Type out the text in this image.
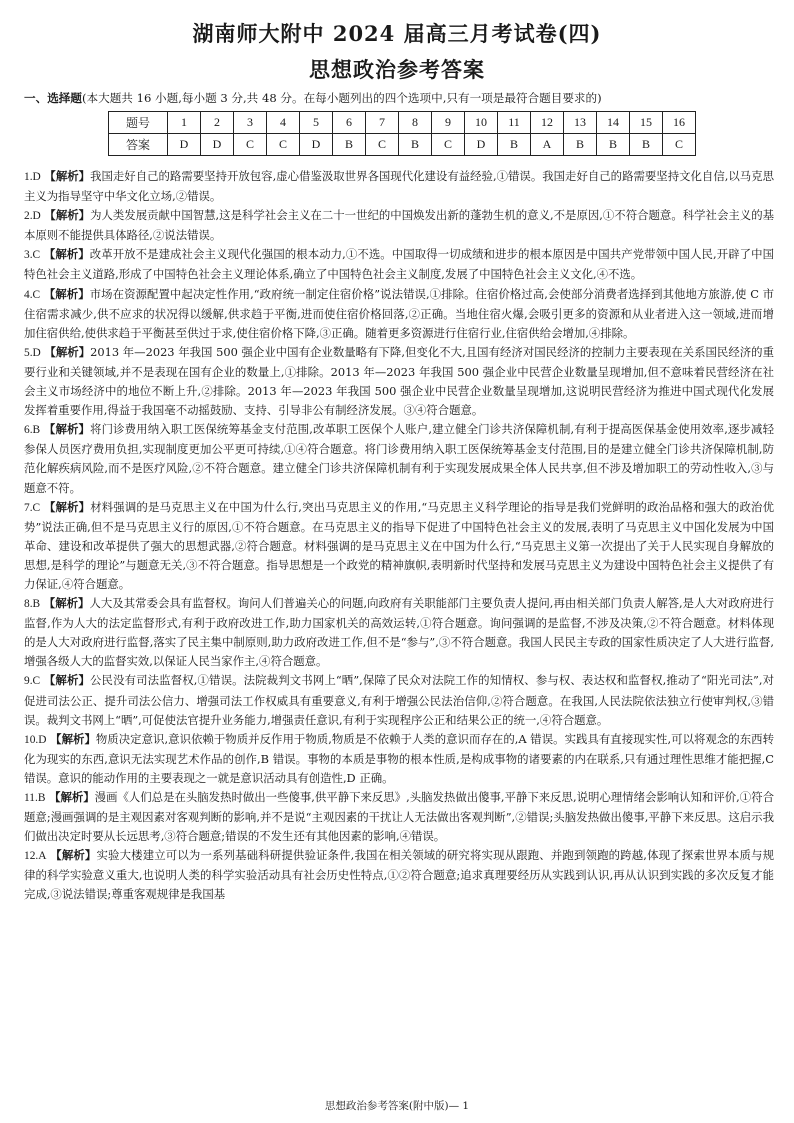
湖南师大附中 2024 届高三月考试卷(四)
思想政治参考答案
一、选择题(本大题共 16 小题,每小题 3 分,共 48 分。在每小题列出的四个选项中,只有一项是最符合题目要求的)
题号	1	2	3	4	5	6	7	8	9	10	11	12	13	14	15	16
答案	D	D	C	C	D	B	C	B	C	D	B	A	B	B	B	C
1.D 【解析】我国走好自己的路需要坚持开放包容,虚心借鉴汲取世界各国现代化建设有益经验,①错误。我国走好自己的路需要坚持文化自信,以马克思主义为指导坚守中华文化立场,②错误。
2.D 【解析】为人类发展贡献中国智慧,这是科学社会主义在二十一世纪的中国焕发出新的蓬勃生机的意义,不是原因,①不符合题意。科学社会主义的基本原则不能提供具体路径,②说法错误。
3.C 【解析】改革开放不是建成社会主义现代化强国的根本动力,①不选。中国取得一切成绩和进步的根本原因是中国共产党带领中国人民,开辟了中国特色社会主义道路,形成了中国特色社会主义理论体系,确立了中国特色社会主义制度,发展了中国特色社会主义文化,④不选。
4.C 【解析】市场在资源配置中起决定性作用,“政府统一制定住宿价格”说法错误,①排除。住宿价格过高,会使部分消费者选择到其他地方旅游,使 C 市住宿需求减少,供不应求的状况得以缓解,供求趋于平衡,进而使住宿价格回落,②正确。当地住宿火爆,会吸引更多的资源和从业者进入这一领域,进而增加住宿供给,使供求趋于平衡甚至供过于求,使住宿价格下降,③正确。随着更多资源进行住宿行业,住宿供给会增加,④排除。
5.D 【解析】2013 年—2023 年我国 500 强企业中国有企业数量略有下降,但变化不大,且国有经济对国民经济的控制力主要表现在关系国民经济的重要行业和关键领域,并不是表现在国有企业的数量上,①排除。2013 年—2023 年我国 500 强企业中民营企业数量呈现增加,但不意味着民营经济在社会主义市场经济中的地位不断上升,②排除。2013 年—2023 年我国 500 强企业中民营企业数量呈现增加,这说明民营经济为推进中国式现代化发展发挥着重要作用,得益于我国毫不动摇鼓励、支持、引导非公有制经济发展。③④符合题意。
6.B 【解析】将门诊费用纳入职工医保统筹基金支付范围,改革职工医保个人账户,建立健全门诊共济保障机制,有利于提高医保基金使用效率,逐步减轻参保人员医疗费用负担,实现制度更加公平更可持续,①④符合题意。将门诊费用纳入职工医保统筹基金支付范围,目的是建立健全门诊共济保障机制,防范化解疾病风险,而不是医疗风险,②不符合题意。建立健全门诊共济保障机制有利于实现发展成果全体人民共享,但不涉及增加职工的劳动性收入,③与题意不符。
7.C 【解析】材料强调的是马克思主义在中国为什么行,突出马克思主义的作用,“马克思主义科学理论的指导是我们党鲜明的政治品格和强大的政治优势”说法正确,但不是马克思主义行的原因,①不符合题意。在马克思主义的指导下促进了中国特色社会主义的发展,表明了马克思主义中国化发展为中国革命、建设和改革提供了强大的思想武器,②符合题意。材料强调的是马克思主义在中国为什么行,“马克思主义第一次提出了关于人民实现自身解放的思想,是科学的理论”与题意无关,③不符合题意。指导思想是一个政党的精神旗帜,表明新时代坚持和发展马克思主义为建设中国特色社会主义提供了有力保证,④符合题意。
8.B 【解析】人大及其常委会具有监督权。询问人们普遍关心的问题,向政府有关职能部门主要负责人提问,再由相关部门负责人解答,是人大对政府进行监督,作为人大的法定监督形式,有利于政府改进工作,助力国家机关的高效运转,①符合题意。询问强调的是监督,不涉及决策,②不符合题意。材料体现的是人大对政府进行监督,落实了民主集中制原则,助力政府改进工作,但不是“参与”,③不符合题意。我国人民民主专政的国家性质决定了人大进行监督,增强各级人大的监督实效,以保证人民当家作主,④符合题意。
9.C 【解析】公民没有司法监督权,①错误。法院裁判文书网上“晒”,保障了民众对法院工作的知情权、参与权、表达权和监督权,推动了“阳光司法”,对促进司法公正、提升司法公信力、增强司法工作权威具有重要意义,有利于增强公民法治信仰,②符合题意。在我国,人民法院依法独立行使审判权,③错误。裁判文书网上“晒”,可促使法官提升业务能力,增强责任意识,有利于实现程序公正和结果公正的统一,④符合题意。
10.D 【解析】物质决定意识,意识依赖于物质并反作用于物质,物质是不依赖于人类的意识而存在的,A 错误。实践具有直接现实性,可以将观念的东西转化为现实的东西,意识无法实现艺术作品的创作,B 错误。事物的本质是事物的根本性质,是构成事物的诸要素的内在联系,只有通过理性思维才能把握,C 错误。意识的能动作用的主要表现之一就是意识活动具有创造性,D 正确。
11.B 【解析】漫画《人们总是在头脑发热时做出一些傻事,供平静下来反思》,头脑发热做出傻事,平静下来反思,说明心理情绪会影响认知和评价,①符合题意;漫画强调的是主观因素对客观判断的影响,并不是说“主观因素的干扰让人无法做出客观判断”,②错误;头脑发热做出傻事,平静下来反思。这启示我们做出决定时要从长远思考,③符合题意;错误的不发生还有其他因素的影响,④错误。
12.A 【解析】实验大楼建立可以为一系列基础科研提供验证条件,我国在相关领域的研究将实现从跟跑、并跑到领跑的跨越,体现了探索世界本质与规律的科学实验意义重大,也说明人类的科学实验活动具有社会历史性特点,①②符合题意;追求真理要经历从实践到认识,再从认识到实践的多次反复才能完成,③说法错误;尊重客观规律是我国基
思想政治参考答案(附中版)— 1
